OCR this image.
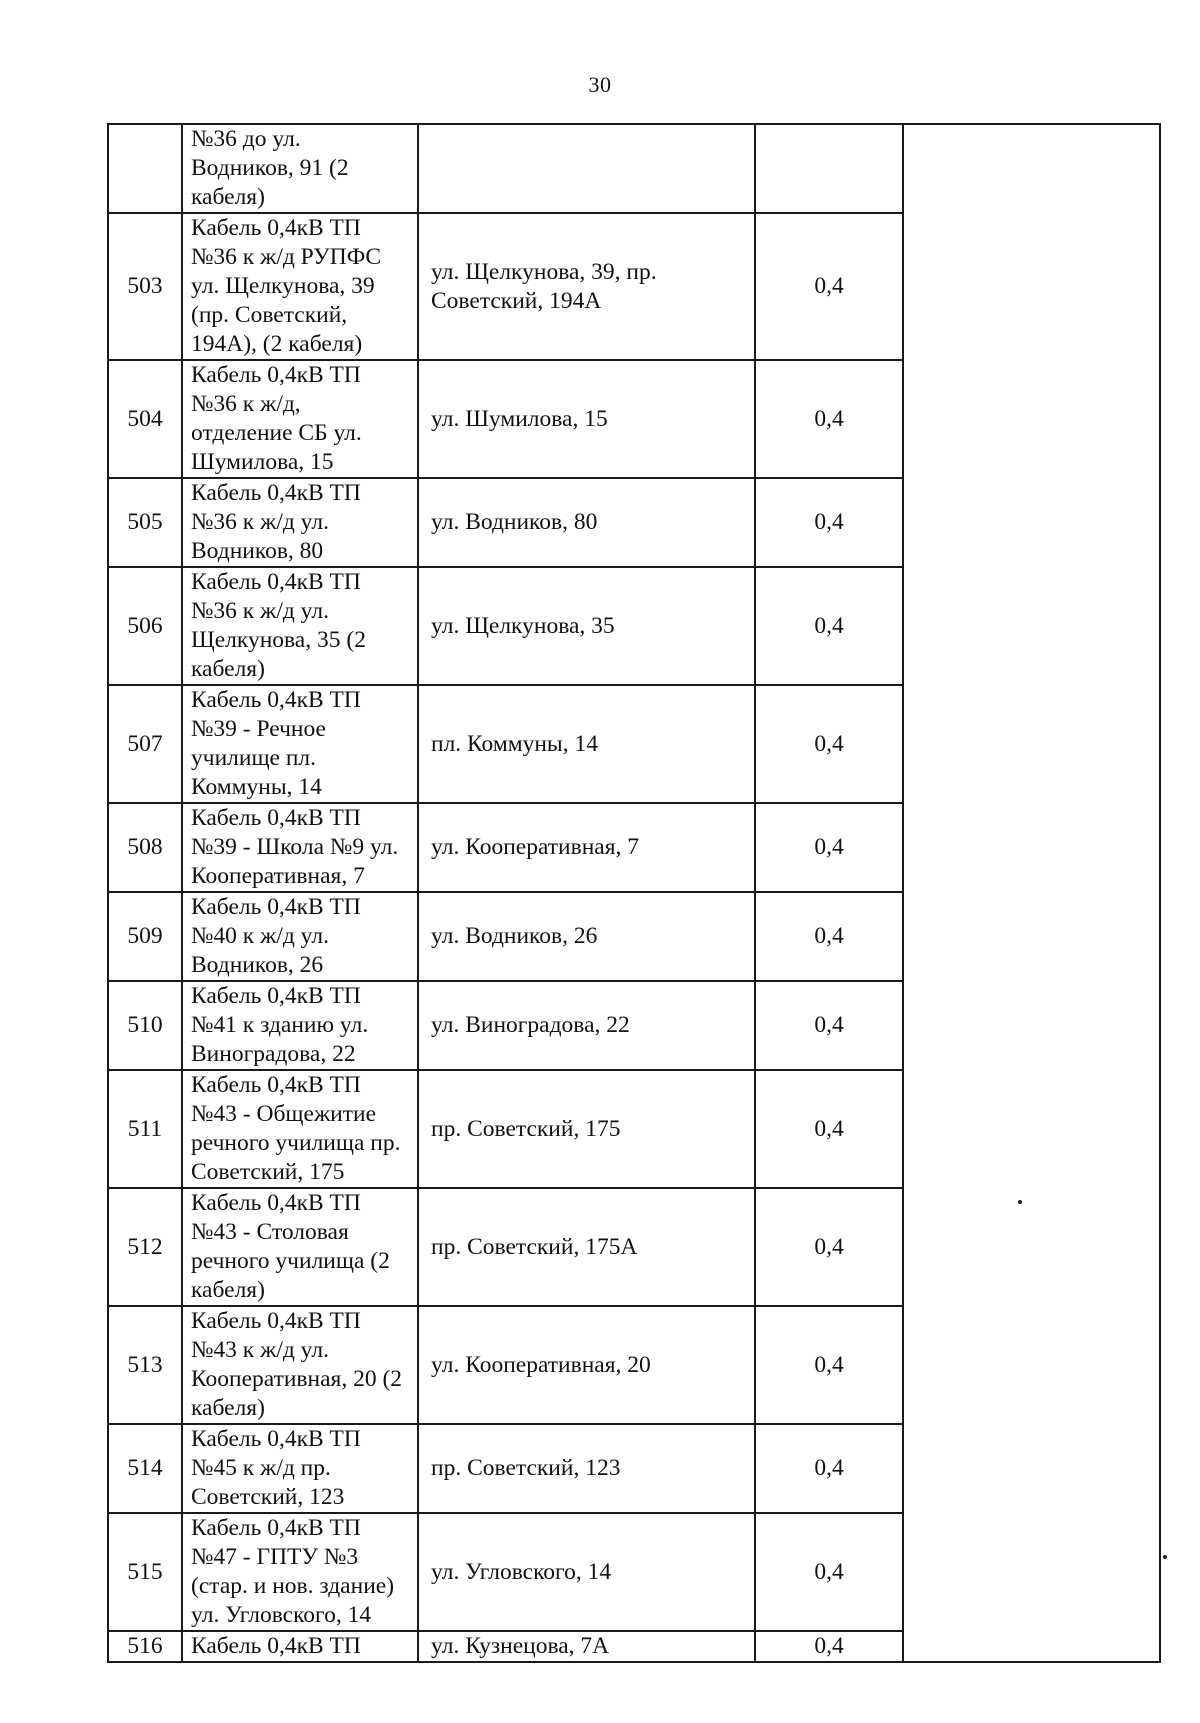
30
	№36 до ул.
Водников, 91 (2
кабеля)			
503	Кабель 0,4кВ ТП
№36 к ж/д РУПФС
ул. Щелкунова, 39
(пр. Советский,
194А), (2 кабеля)	ул. Щелкунова, 39, пр.
Советский, 194А	0,4	
504	Кабель 0,4кВ ТП
№36 к ж/д,
отделение СБ ул.
Шумилова, 15	ул. Шумилова, 15	0,4	
505	Кабель 0,4кВ ТП
№36 к ж/д ул.
Водников, 80	ул. Водников, 80	0,4	
506	Кабель 0,4кВ ТП
№36 к ж/д ул.
Щелкунова, 35 (2
кабеля)	ул. Щелкунова, 35	0,4	
507	Кабель 0,4кВ ТП
№39 - Речное
училище пл.
Коммуны, 14	пл. Коммуны, 14	0,4	
508	Кабель 0,4кВ ТП
№39 - Школа №9 ул.
Кооперативная, 7	ул. Кооперативная, 7	0,4	
509	Кабель 0,4кВ ТП
№40 к ж/д ул.
Водников, 26	ул. Водников, 26	0,4	
510	Кабель 0,4кВ ТП
№41 к зданию ул.
Виноградова, 22	ул. Виноградова, 22	0,4	
511	Кабель 0,4кВ ТП
№43 - Общежитие
речного училища пр.
Советский, 175	пр. Советский, 175	0,4	
512	Кабель 0,4кВ ТП
№43 - Столовая
речного училища (2
кабеля)	пр. Советский, 175А	0,4	
513	Кабель 0,4кВ ТП
№43 к ж/д ул.
Кооперативная, 20 (2
кабеля)	ул. Кооперативная, 20	0,4	
514	Кабель 0,4кВ ТП
№45 к ж/д пр.
Советский, 123	пр. Советский, 123	0,4	
515	Кабель 0,4кВ ТП
№47 - ГПТУ №3
(стар. и нов. здание)
ул. Угловского, 14	ул. Угловского, 14	0,4	
516	Кабель 0,4кВ ТП	ул. Кузнецова, 7А	0,4	
